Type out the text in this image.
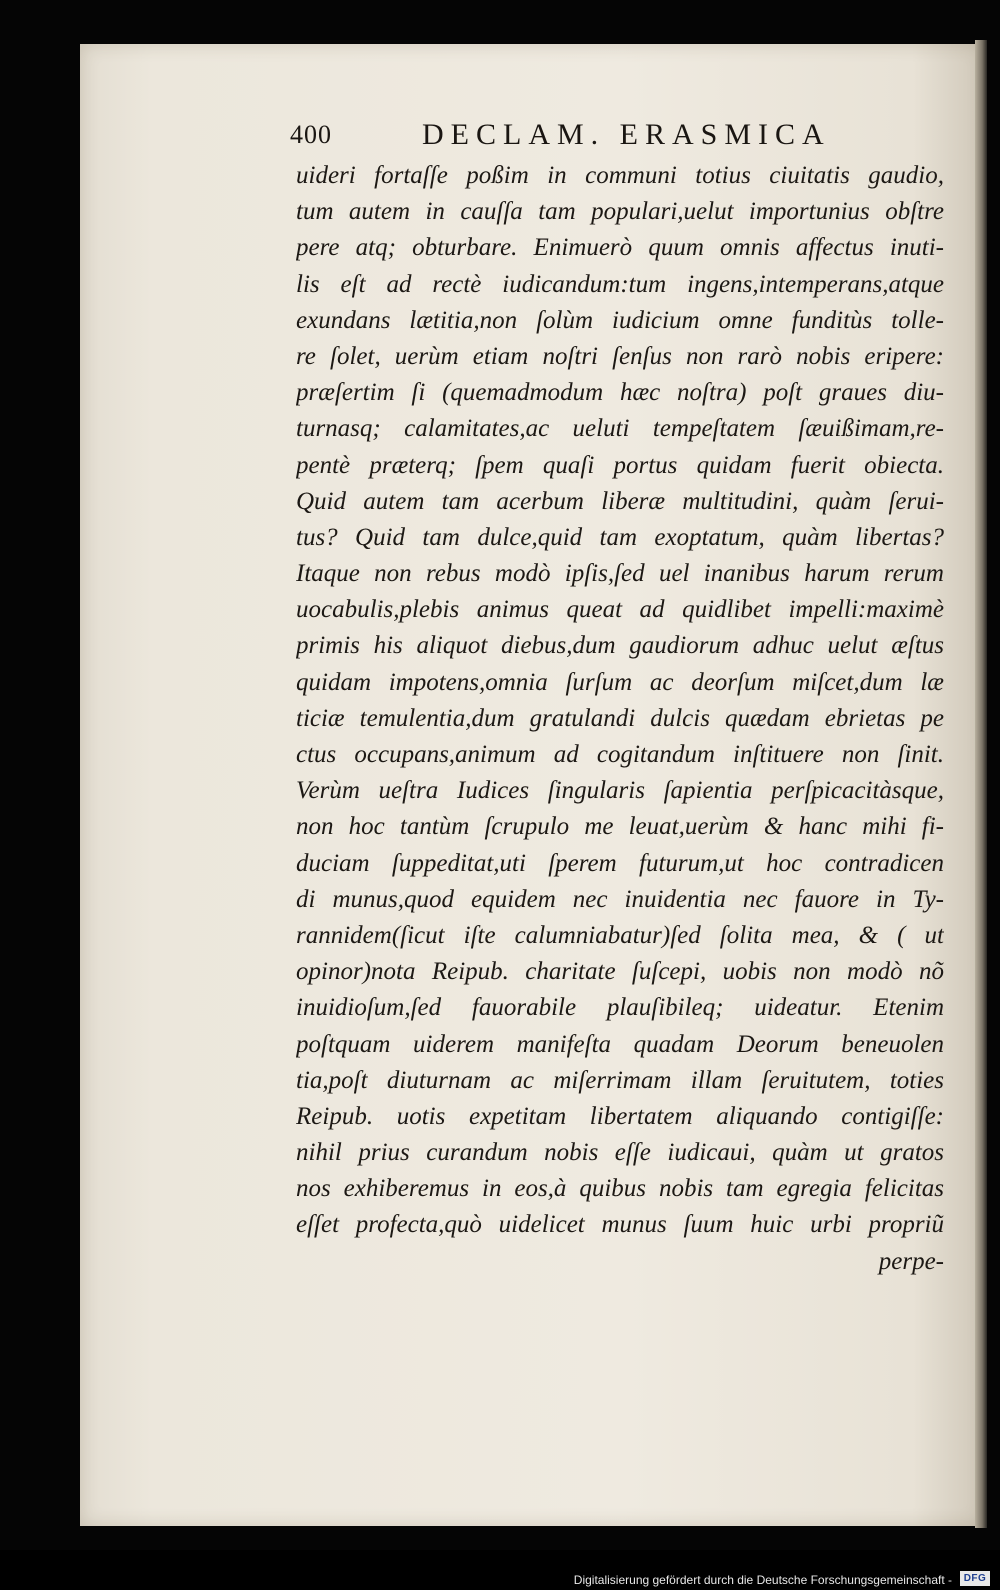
400	DECLAM. ERASMICA
uideri fortaſſe poßim in communi totius ciuitatis gaudio,
tum autem in cauſſa tam populari,uelut importunius obſtre
pere atq; obturbare. Enimuerò quum omnis affectus inuti-
lis eſt ad rectè iudicandum:tum ingens,intemperans,atque
exundans lætitia,non ſolùm iudicium omne funditùs tolle-
re ſolet, uerùm etiam noſtri ſenſus non rarò nobis eripere:
præſertim ſi (quemadmodum hæc noſtra) poſt graues diu-
turnasq; calamitates,ac ueluti tempeſtatem ſæuißimam,re-
pentè præterq; ſpem quaſi portus quidam fuerit obiecta.
Quid autem tam acerbum liberæ multitudini, quàm ſerui-
tus? Quid tam dulce,quid tam exoptatum, quàm libertas?
Itaque non rebus modò ipſis,ſed uel inanibus harum rerum
uocabulis,plebis animus queat ad quidlibet impelli:maximè
primis his aliquot diebus,dum gaudiorum adhuc uelut æſtus
quidam impotens,omnia ſurſum ac deorſum miſcet,dum læ
ticiæ temulentia,dum gratulandi dulcis quædam ebrietas pe
ctus occupans,animum ad cogitandum inſtituere non ſinit.
Verùm ueſtra Iudices ſingularis ſapientia perſpicacitàsque,
non hoc tantùm ſcrupulo me leuat,uerùm & hanc mihi fi-
duciam ſuppeditat,uti ſperem futurum,ut hoc contradicen
di munus,quod equidem nec inuidentia nec fauore in Ty-
rannidem(ſicut iſte calumniabatur)ſed ſolita mea, & ( ut
opinor)nota Reipub. charitate ſuſcepi, uobis non modò nõ
inuidioſum,ſed fauorabile plauſibileq; uideatur. Etenim
poſtquam uiderem manifeſta quadam Deorum beneuolen
tia,poſt diuturnam ac miſerrimam illam ſeruitutem, toties
Reipub. uotis expetitam libertatem aliquando contigiſſe:
nihil prius curandum nobis eſſe iudicaui, quàm ut gratos
nos exhiberemus in eos,à quibus nobis tam egregia felicitas
eſſet profecta,quò uidelicet munus ſuum huic urbi propriũ
perpe-
Digitalisierung gefördert durch die Deutsche Forschungsgemeinschaft -	DFG
